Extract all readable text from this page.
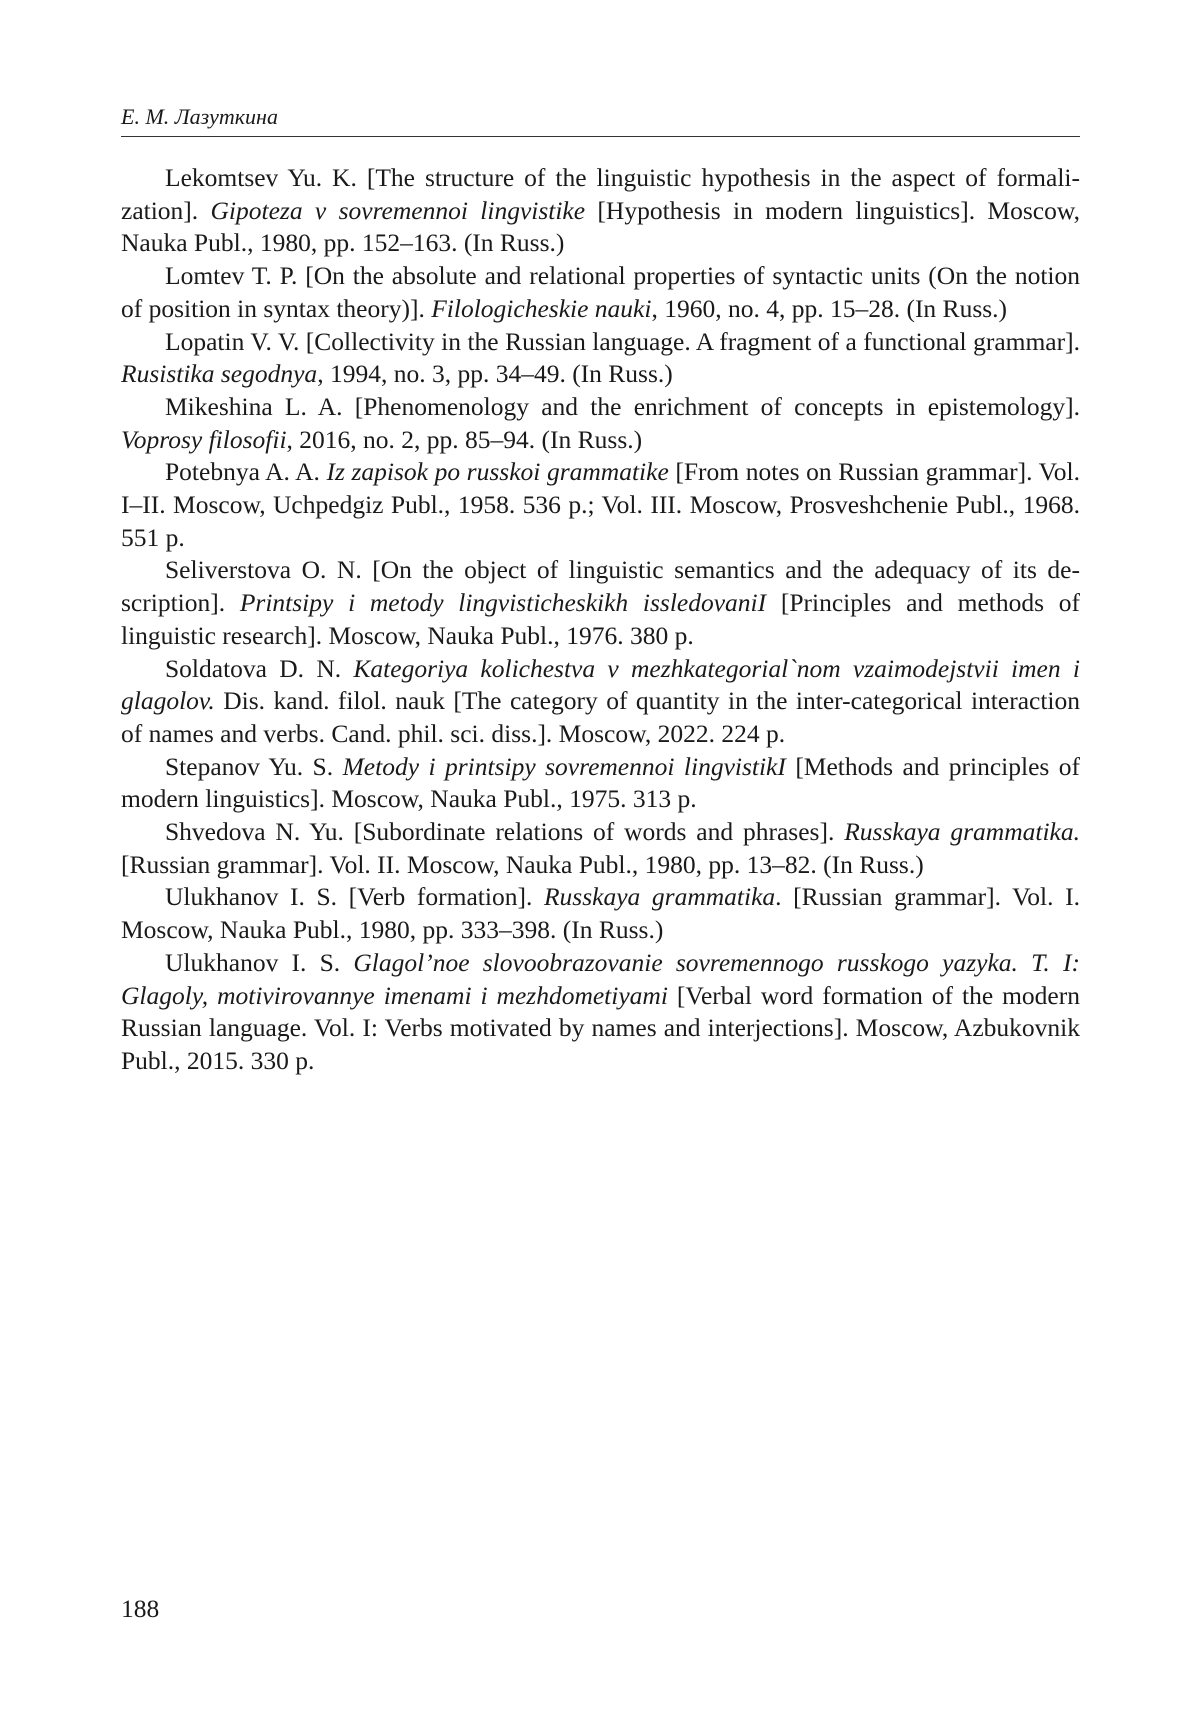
Е. М. Лазуткина

Lekomtsev Yu. K. [The structure of the linguistic hypothesis in the aspect of formalization]. Gipoteza v sovremennoi lingvistike [Hypothesis in modern linguistics]. Moscow, Nauka Publ., 1980, pp. 152–163. (In Russ.)

Lomtev T. P. [On the absolute and relational properties of syntactic units (On the notion of position in syntax theory)]. Filologicheskie nauki, 1960, no. 4, pp. 15–28. (In Russ.)

Lopatin V. V. [Collectivity in the Russian language. A fragment of a functional grammar]. Rusistika segodnya, 1994, no. 3, pp. 34–49. (In Russ.)

Mikeshina L. A. [Phenomenology and the enrichment of concepts in epistemology]. Voprosy filosofii, 2016, no. 2, pp. 85–94. (In Russ.)

Potebnya A. A. Iz zapisok po russkoi grammatike [From notes on Russian grammar]. Vol. I–II. Moscow, Uchpedgiz Publ., 1958. 536 p.; Vol. III. Moscow, Prosveshchenie Publ., 1968. 551 p.

Seliverstova O. N. [On the object of linguistic semantics and the adequacy of its description]. Printsipy i metody lingvisticheskikh issledovaniI [Principles and methods of linguistic research]. Moscow, Nauka Publ., 1976. 380 p.

Soldatova D. N. Kategoriya kolichestva v mezhkategorial`nom vzaimodejstvii imen i glagolov. Dis. kand. filol. nauk [The category of quantity in the inter-categorical interaction of names and verbs. Cand. phil. sci. diss.]. Moscow, 2022. 224 p.

Stepanov Yu. S. Metody i printsipy sovremennoi lingvistikI [Methods and principles of modern linguistics]. Moscow, Nauka Publ., 1975. 313 p.

Shvedova N. Yu. [Subordinate relations of words and phrases]. Russkaya grammatika. [Russian grammar]. Vol. II. Moscow, Nauka Publ., 1980, pp. 13–82. (In Russ.)

Ulukhanov I. S. [Verb formation]. Russkaya grammatika. [Russian grammar]. Vol. I. Moscow, Nauka Publ., 1980, pp. 333–398. (In Russ.)

Ulukhanov I. S. Glagol’noe slovoobrazovanie sovremennogo russkogo yazyka. T. I: Glagoly, motivirovannye imenami i mezhdometiyami [Verbal word formation of the modern Russian language. Vol. I: Verbs motivated by names and interjections]. Moscow, Azbukovnik Publ., 2015. 330 p.

188
